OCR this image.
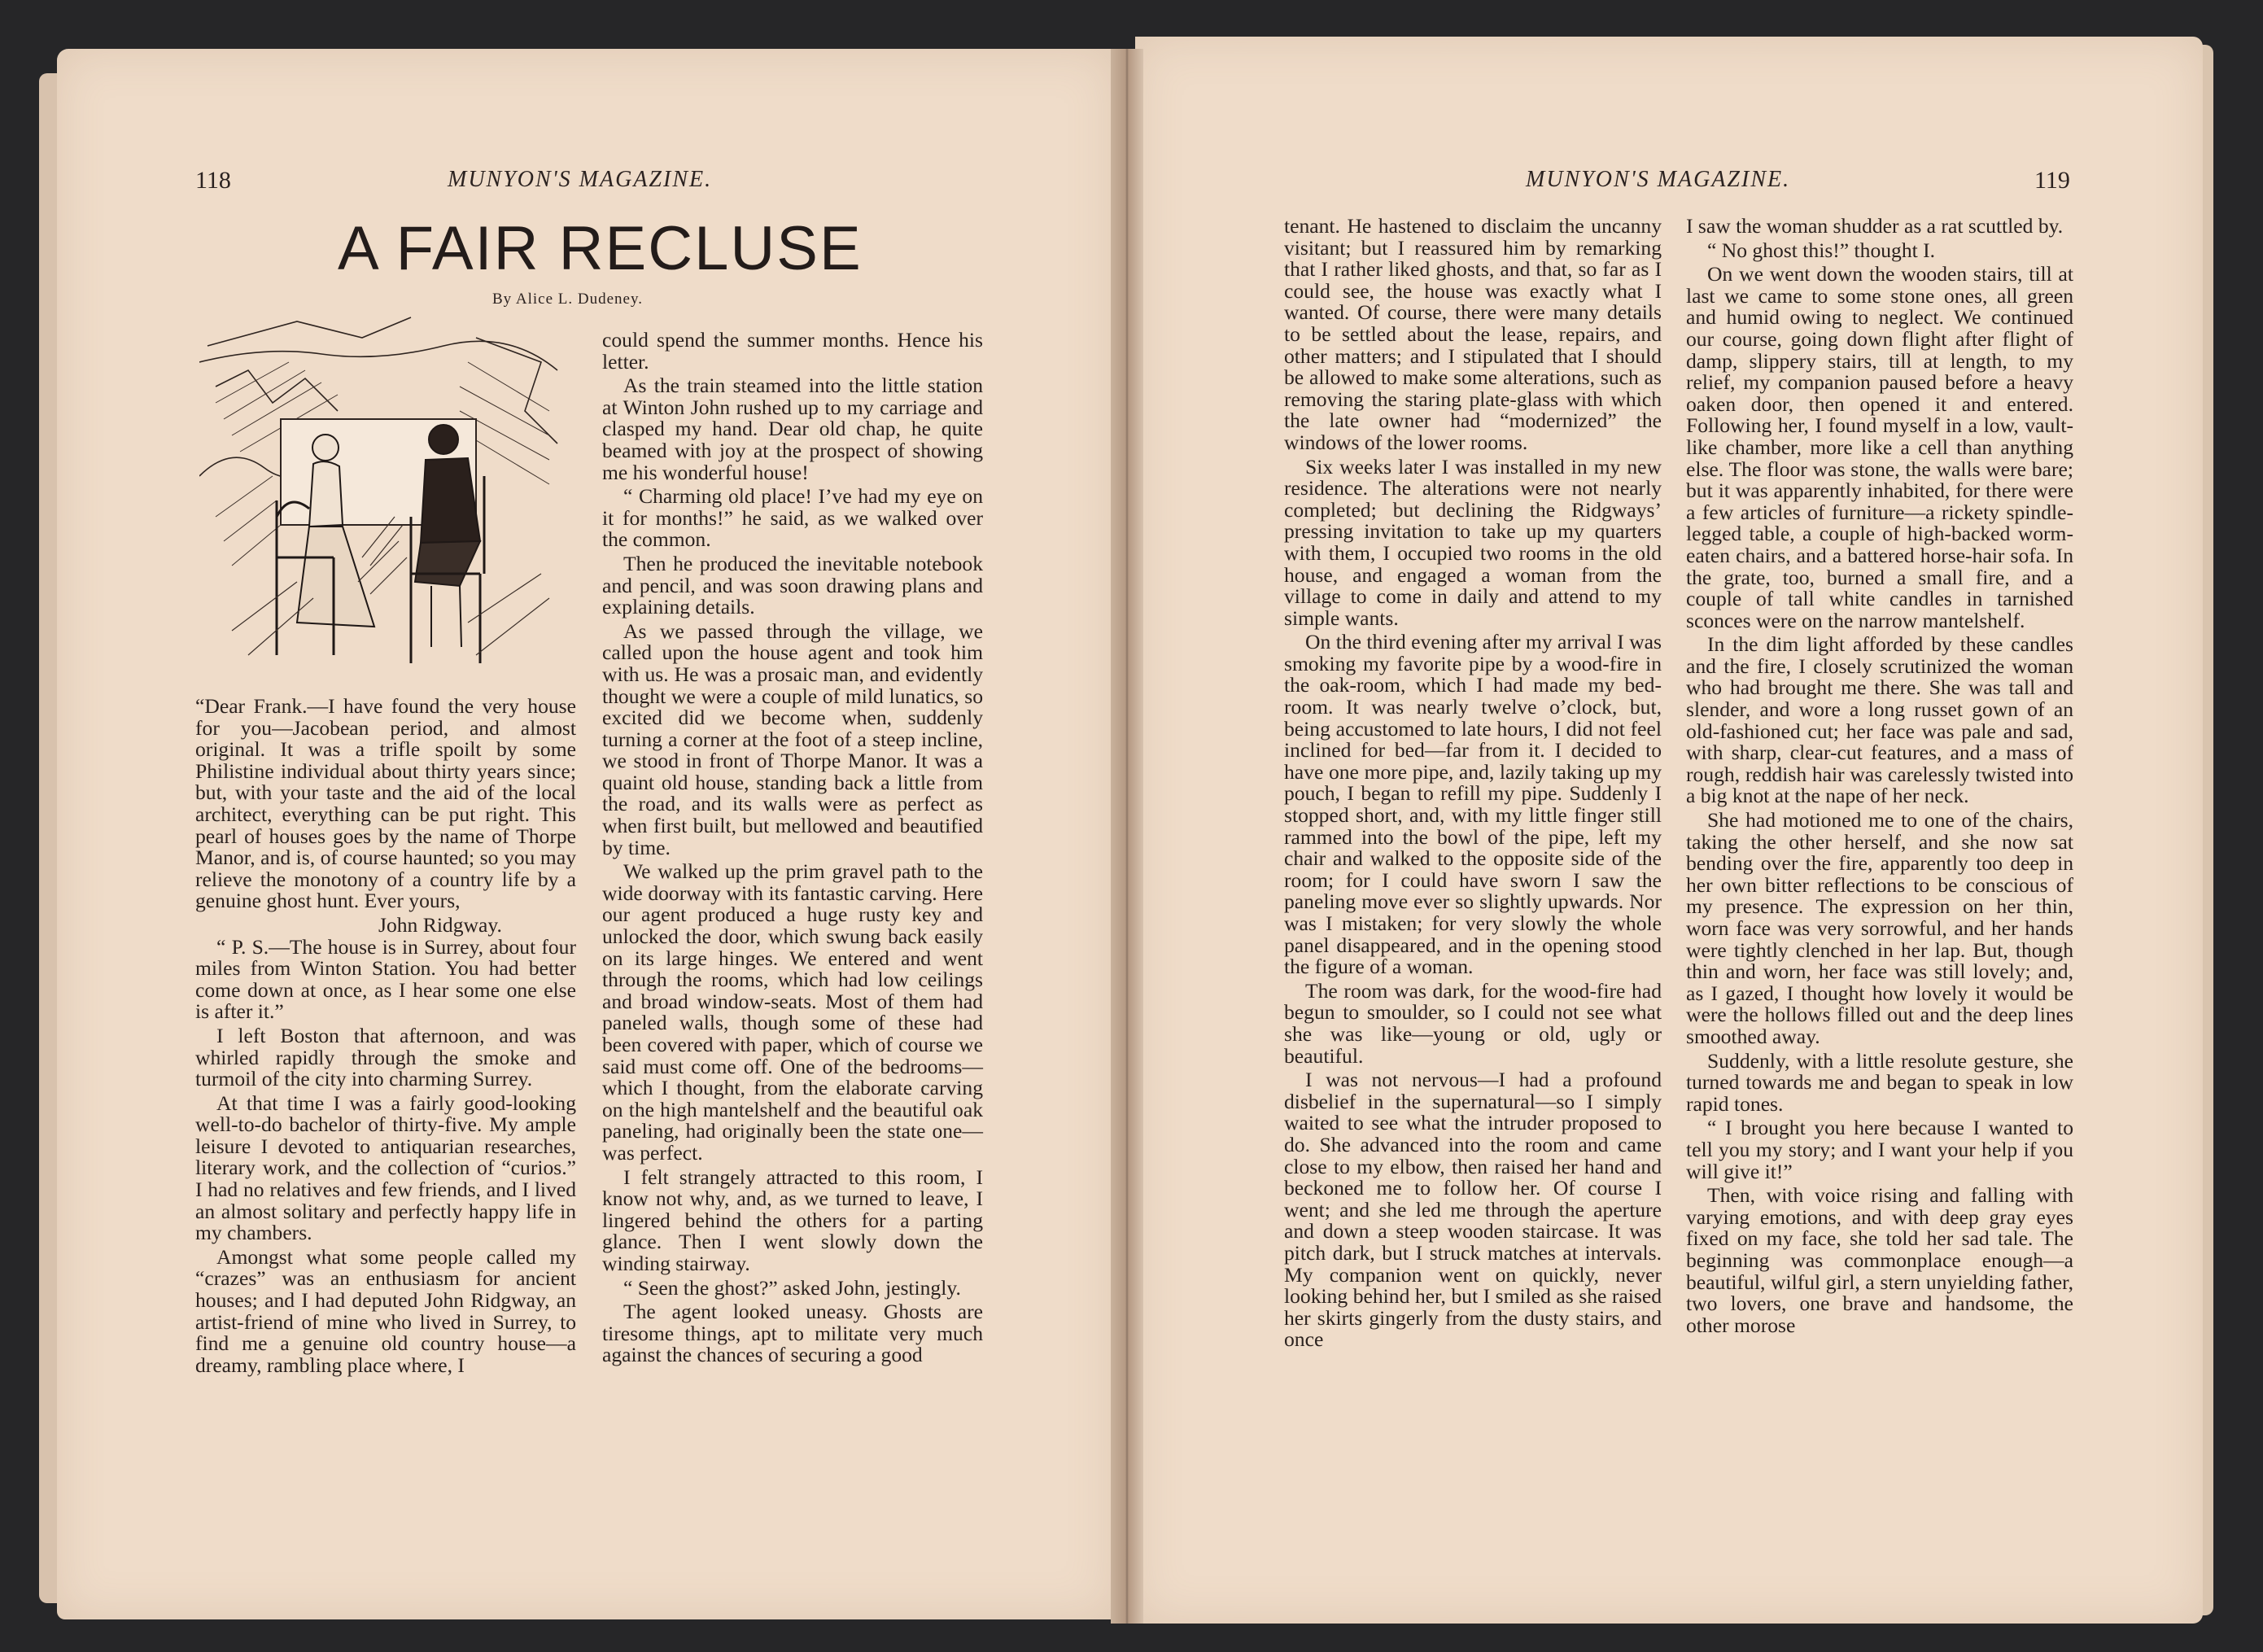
118	MUNYON'S MAGAZINE.
A FAIR RECLUSE
By Alice L. Dudeney.

“Dear Frank.—I have found the very house for you—Jacobean period, and almost original. It was a trifle spoilt by some Philistine individual about thirty years since; but, with your taste and the aid of the local architect, everything can be put right. This pearl of houses goes by the name of Thorpe Manor, and is, of course haunted; so you may relieve the monotony of a country life by a genuine ghost hunt. Ever yours,

John Ridgway.

“ P. S.—The house is in Surrey, about four miles from Winton Station. You had better come down at once, as I hear some one else is after it.”

I left Boston that afternoon, and was whirled rapidly through the smoke and turmoil of the city into charming Surrey.

At that time I was a fairly good-looking well-to-do bachelor of thirty-five. My ample leisure I devoted to antiquarian researches, literary work, and the collection of “curios.” I had no relatives and few friends, and I lived an almost solitary and perfectly happy life in my chambers.

Amongst what some people called my “crazes” was an enthusiasm for ancient houses; and I had deputed John Ridgway, an artist-friend of mine who lived in Surrey, to find me a genuine old country house—a dreamy, rambling place where, I

could spend the summer months. Hence his letter.

As the train steamed into the little station at Winton John rushed up to my carriage and clasped my hand. Dear old chap, he quite beamed with joy at the prospect of showing me his wonderful house!

“ Charming old place! I’ve had my eye on it for months!” he said, as we walked over the common.

Then he produced the inevitable notebook and pencil, and was soon drawing plans and explaining details.

As we passed through the village, we called upon the house agent and took him with us. He was a prosaic man, and evidently thought we were a couple of mild lunatics, so excited did we become when, suddenly turning a corner at the foot of a steep incline, we stood in front of Thorpe Manor. It was a quaint old house, standing back a little from the road, and its walls were as perfect as when first built, but mellowed and beautified by time.

We walked up the prim gravel path to the wide doorway with its fantastic carving. Here our agent produced a huge rusty key and unlocked the door, which swung back easily on its large hinges. We entered and went through the rooms, which had low ceilings and broad window-seats. Most of them had paneled walls, though some of these had been covered with paper, which of course we said must come off. One of the bedrooms—which I thought, from the elaborate carving on the high mantelshelf and the beautiful oak paneling, had originally been the state one—was perfect.

I felt strangely attracted to this room, I know not why, and, as we turned to leave, I lingered behind the others for a parting glance. Then I went slowly down the winding stairway.

“ Seen the ghost?” asked John, jestingly.

The agent looked uneasy. Ghosts are tiresome things, apt to militate very much against the chances of securing a good

MUNYON'S MAGAZINE.	119

tenant. He hastened to disclaim the uncanny visitant; but I reassured him by remarking that I rather liked ghosts, and that, so far as I could see, the house was exactly what I wanted. Of course, there were many details to be settled about the lease, repairs, and other matters; and I stipulated that I should be allowed to make some alterations, such as removing the staring plate-glass with which the late owner had “modernized” the windows of the lower rooms.

Six weeks later I was installed in my new residence. The alterations were not nearly completed; but declining the Ridgways’ pressing invitation to take up my quarters with them, I occupied two rooms in the old house, and engaged a woman from the village to come in daily and attend to my simple wants.

On the third evening after my arrival I was smoking my favorite pipe by a wood-fire in the oak-room, which I had made my bed-room. It was nearly twelve o’clock, but, being accustomed to late hours, I did not feel inclined for bed—far from it. I decided to have one more pipe, and, lazily taking up my pouch, I began to refill my pipe. Suddenly I stopped short, and, with my little finger still rammed into the bowl of the pipe, left my chair and walked to the opposite side of the room; for I could have sworn I saw the paneling move ever so slightly upwards. Nor was I mistaken; for very slowly the whole panel disappeared, and in the opening stood the figure of a woman.

The room was dark, for the wood-fire had begun to smoulder, so I could not see what she was like—young or old, ugly or beautiful.

I was not nervous—I had a profound disbelief in the supernatural—so I simply waited to see what the intruder proposed to do. She advanced into the room and came close to my elbow, then raised her hand and beckoned me to follow her. Of course I went; and she led me through the aperture and down a steep wooden staircase. It was pitch dark, but I struck matches at intervals. My companion went on quickly, never looking behind her, but I smiled as she raised her skirts gingerly from the dusty stairs, and once

I saw the woman shudder as a rat scuttled by.

“ No ghost this!” thought I.

On we went down the wooden stairs, till at last we came to some stone ones, all green and humid owing to neglect. We continued our course, going down flight after flight of damp, slippery stairs, till at length, to my relief, my companion paused before a heavy oaken door, then opened it and entered. Following her, I found myself in a low, vault-like chamber, more like a cell than anything else. The floor was stone, the walls were bare; but it was apparently inhabited, for there were a few articles of furniture—a rickety spindle-legged table, a couple of high-backed worm-eaten chairs, and a battered horse-hair sofa. In the grate, too, burned a small fire, and a couple of tall white candles in tarnished sconces were on the narrow mantelshelf.

In the dim light afforded by these candles and the fire, I closely scrutinized the woman who had brought me there. She was tall and slender, and wore a long russet gown of an old-fashioned cut; her face was pale and sad, with sharp, clear-cut features, and a mass of rough, reddish hair was carelessly twisted into a big knot at the nape of her neck.

She had motioned me to one of the chairs, taking the other herself, and she now sat bending over the fire, apparently too deep in her own bitter reflections to be conscious of my presence. The expression on her thin, worn face was very sorrowful, and her hands were tightly clenched in her lap. But, though thin and worn, her face was still lovely; and, as I gazed, I thought how lovely it would be were the hollows filled out and the deep lines smoothed away.

Suddenly, with a little resolute gesture, she turned towards me and began to speak in low rapid tones.

“ I brought you here because I wanted to tell you my story; and I want your help if you will give it!”

Then, with voice rising and falling with varying emotions, and with deep gray eyes fixed on my face, she told her sad tale. The beginning was commonplace enough—a beautiful, wilful girl, a stern unyielding father, two lovers, one brave and handsome, the other morose
